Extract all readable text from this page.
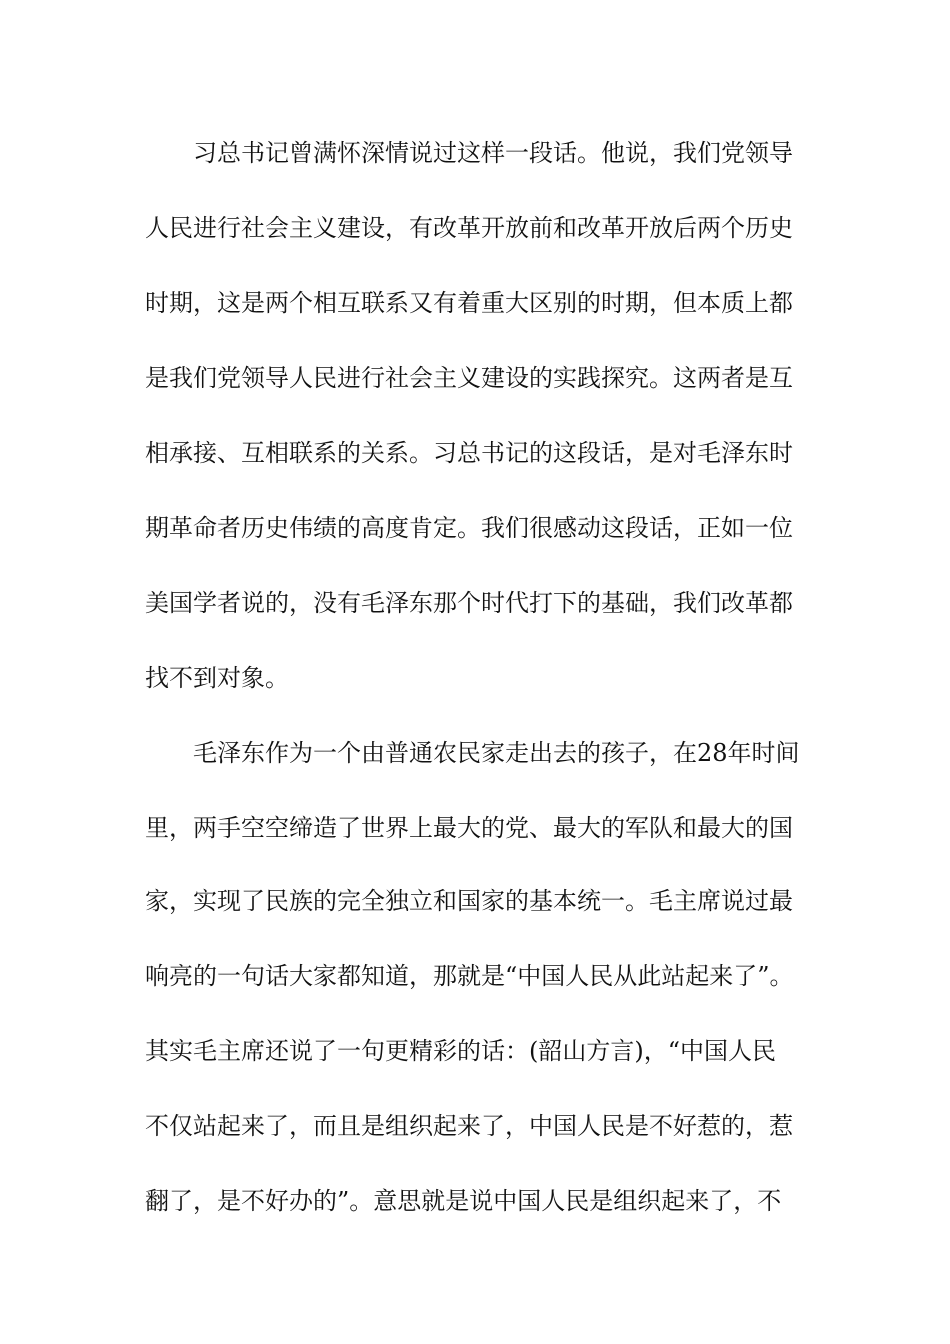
习总书记曾满怀深情说过这样一段话。他说，我们党领导

人民进行社会主义建设，有改革开放前和改革开放后两个历史

时期，这是两个相互联系又有着重大区别的时期，但本质上都

是我们党领导人民进行社会主义建设的实践探究。这两者是互

相承接、互相联系的关系。习总书记的这段话，是对毛泽东时

期革命者历史伟绩的高度肯定。我们很感动这段话，正如一位

美国学者说的，没有毛泽东那个时代打下的基础，我们改革都

找不到对象。

毛泽东作为一个由普通农民家走出去的孩子，在28年时间

里，两手空空缔造了世界上最大的党、最大的军队和最大的国

家，实现了民族的完全独立和国家的基本统一。毛主席说过最

响亮的一句话大家都知道，那就是“中国人民从此站起来了”。

其实毛主席还说了一句更精彩的话：(韶山方言)，“中国人民

不仅站起来了，而且是组织起来了，中国人民是不好惹的，惹

翻了，是不好办的”。意思就是说中国人民是组织起来了，不
